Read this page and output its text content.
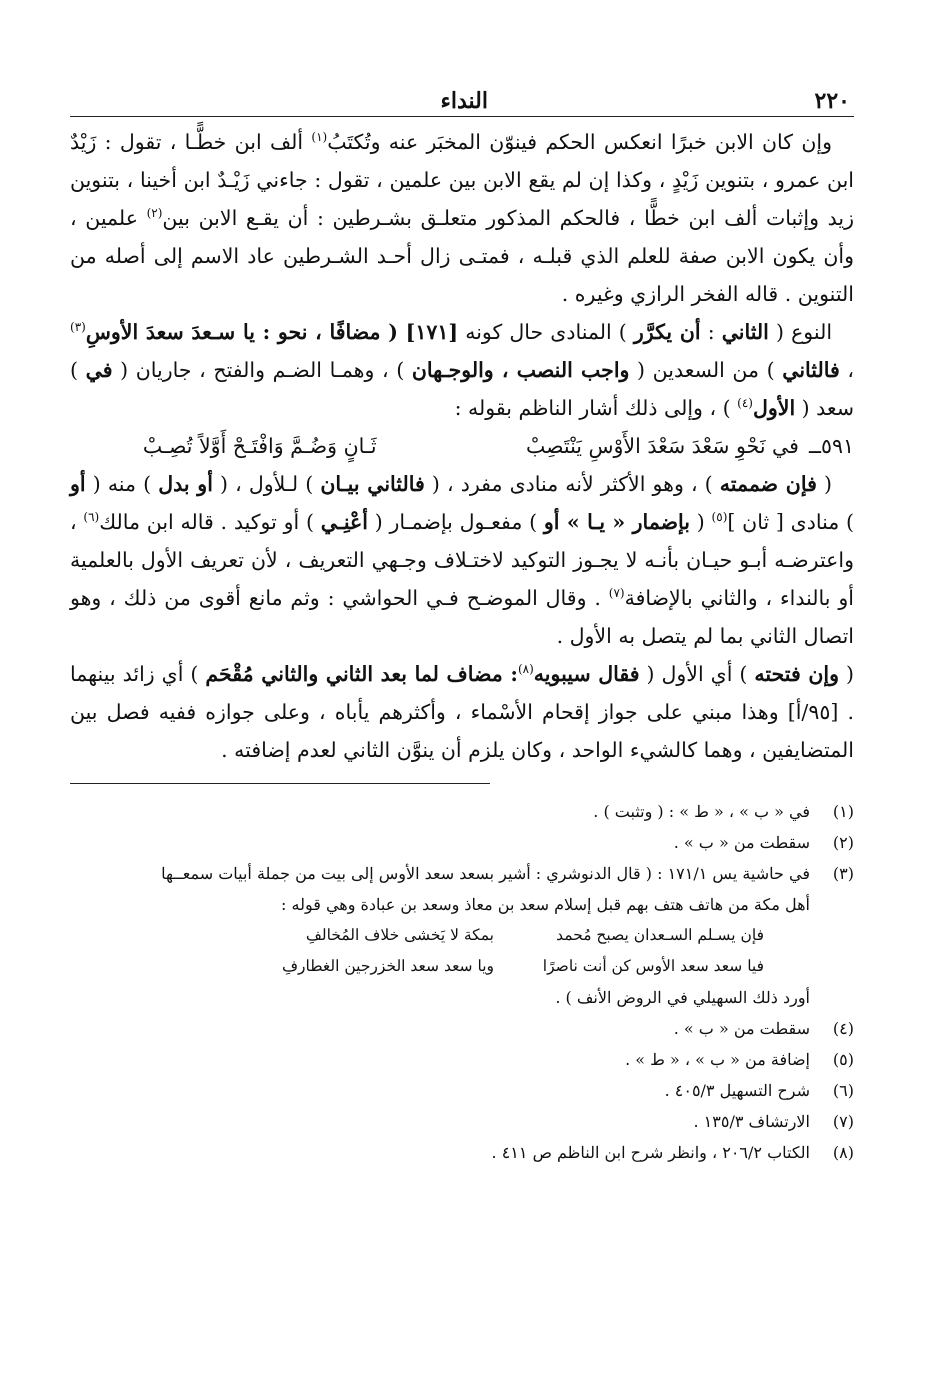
٢٢٠
النداء

وإن كان الابن خبرًا انعكس الحكم فينوّن المخبَر عنه وتُكتَبُ$^{(١)}$ ألف ابن خطًّـا ، تقول : زَيْدٌ ابن عمرو ، بتنوين زَيْدٍ ، وكذا إن لم يقع الابن بين علمين ، تقول : جاءني زَيْـدٌ ابن أخينا ، بتنوين زيد وإثبات ألف ابن خطًّا ، فالحكم المذكور متعلـق بشـرطين : أن يقـع الابن بين$^{(٢)}$ علمين ، وأن يكون الابن صفة للعلم الذي قبلـه ، فمتـى زال أحـد الشـرطين عاد الاسم إلى أصله من التنوين . قاله الفخر الرازي وغيره .

النوع ( الثاني : أن يكرَّر ) المنادى حال كونه [١٧١] ( مضافًا ، نحو : يا سـعدَ سعدَ الأوسِ$^{(٣)}$ ، فالثاني ) من السعدين ( واجب النصب ، والوجـهان ) ، وهمـا الضـم والفتح ، جاريان ( في ) سعد ( الأول$^{(٤)}$ ) ، وإلى ذلك أشار الناظم بقوله :

٥٩١ــ
في نَحْوِ سَعْدَ سَعْدَ الأَوْسِ يَنْتَصِبْ
ثَـانٍ وَضُـمَّ وَافْتَـحْ أَوَّلاً تُصِـبْ

( فإن ضممته ) ، وهو الأكثر لأنه منادى مفرد ، ( فالثاني بيـان ) لـلأول ، ( أو بدل ) منه ( أو ) منادى [ ثان ]$^{(٥)}$ ( بإضمار « يـا » أو ) مفعـول بإضمـار ( أعْنِـي ) أو توكيد . قاله ابن مالك$^{(٦)}$ ، واعترضـه أبـو حيـان بأنـه لا يجـوز التوكيد لاختـلاف وجـهي التعريف ، لأن تعريف الأول بالعلمية أو بالنداء ، والثاني بالإضافة$^{(٧)}$ . وقال الموضـح فـي الحواشي : وثم مانع أقوى من ذلك ، وهو اتصال الثاني بما لم يتصل به الأول .

( وإن فتحته ) أي الأول ( فقال سيبويه$^{(٨)}$: مضاف لما بعد الثاني والثاني مُقْحَم ) أي زائد بينهما . [٩٥/أ] وهذا مبني على جواز إقحام الأسْماء ، وأكثرهم يأباه ، وعلى جوازه ففيه فصل بين المتضايفين ، وهما كالشيء الواحد ، وكان يلزم أن ينوَّن الثاني لعدم إضافته .

(١)
في « ب » ، « ط » : ( وتثبت ) .
(٢)
سقطت من « ب » .
(٣)
في حاشية يس ١٧١/١ : ( قال الدنوشري : أشير بسعد سعد الأوس إلى بيت من جملة أبيات سمعــها
أهل مكة من هاتف هتف بهم قبل إسلام سعد بن معاذ وسعد بن عبادة وهي قوله :
فإن يسـلم السـعدان يصبح مُحمد
بمكة لا يَخشى خلاف المُخالفِ
فيا سعد سعد الأوس كن أنت ناصرًا
ويا سعد سعد الخزرجين الغطارفِ
أورد ذلك السهيلي في الروض الأنف ) .
(٤)
سقطت من « ب » .
(٥)
إضافة من « ب » ، « ط » .
(٦)
شرح التسهيل ٤٠٥/٣ .
(٧)
الارتشاف ١٣٥/٣ .
(٨)
الكتاب ٢٠٦/٢ ، وانظر شرح ابن الناظم ص ٤١١ .
